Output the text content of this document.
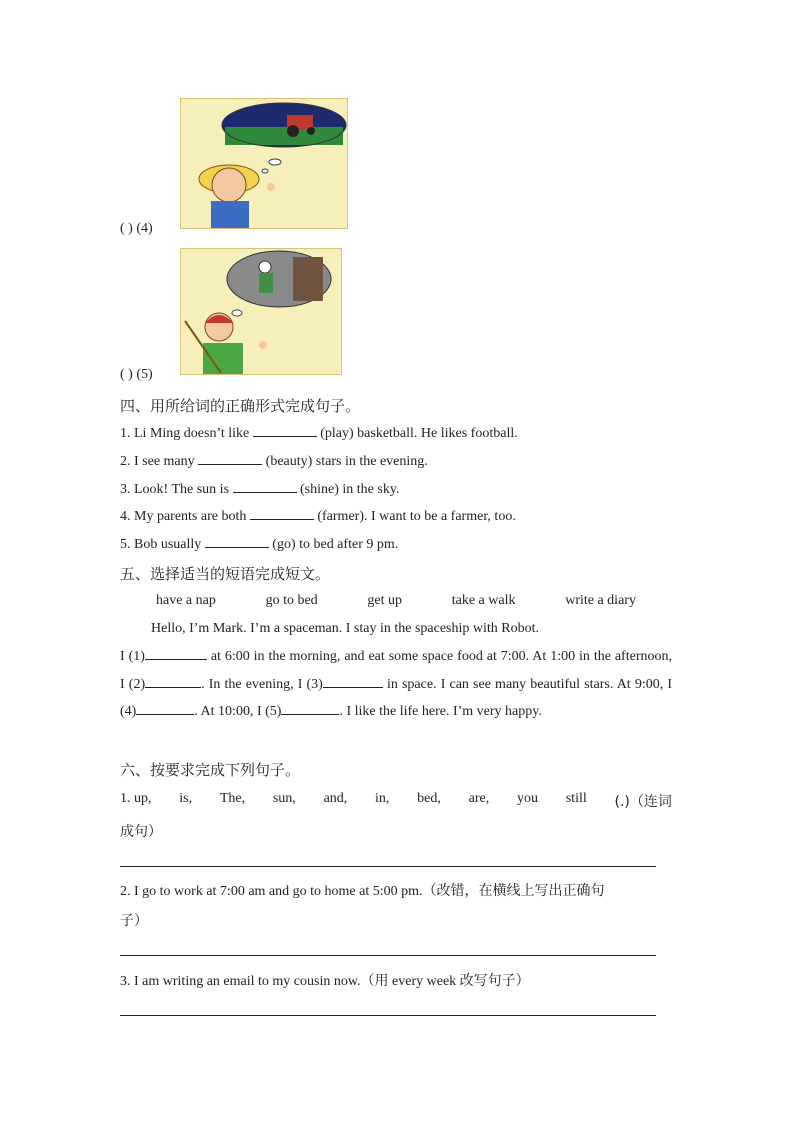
( ) (4)
( ) (5)
四、用所给词的正确形式完成句子。
1. Li Ming doesn’t like	(play) basketball. He likes football.
2. I see many	(beauty) stars in the evening.
3. Look! The sun is	(shine) in the sky.
4. My parents are both	(farmer). I want to be a farmer, too.
5. Bob usually	(go) to bed after 9 pm.
五、选择适当的短语完成短文。
have a nap	go to bed	get up	take a walk	write a diary
Hello, I’m Mark. I’m a spaceman. I stay in the spaceship with Robot.
I (1)	at 6:00 in the morning, and eat some space food at 7:00. At 1:00 in the afternoon, I (2)	. In the evening, I (3)	in space. I can see many beautiful stars. At 9:00, I (4)	. At 10:00, I (5)	. I like the life here. I’m very happy.
六、按要求完成下列句子。
1. up, is, The, sun, and, in, bed, are, you still (.)（连词
成句）
2. I go to work at 7:00 am and go to home at 5:00 pm.（改错，在横线上写出正确句
子）
3. I am writing an email to my cousin now.（用 every week 改写句子）
